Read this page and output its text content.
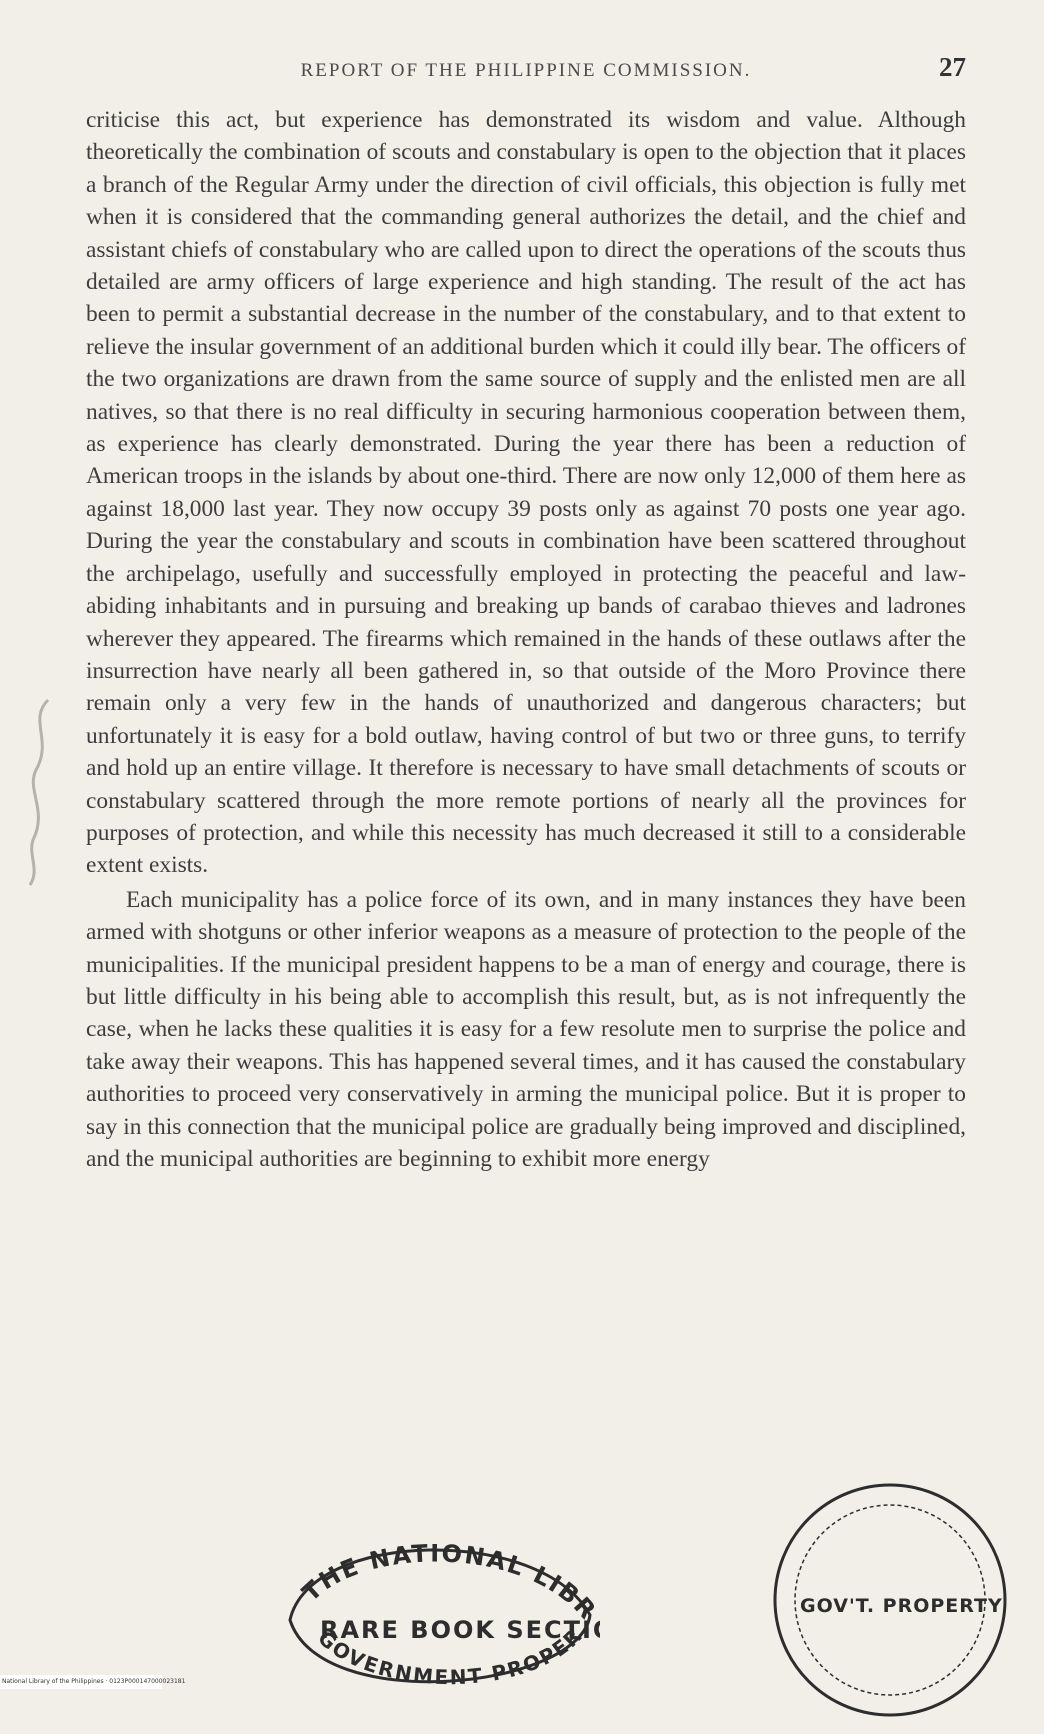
REPORT OF THE PHILIPPINE COMMISSION.	27

criticise this act, but experience has demonstrated its wisdom and value. Although theoretically the combination of scouts and constabulary is open to the objection that it places a branch of the Regular Army under the direction of civil officials, this objection is fully met when it is considered that the commanding general authorizes the detail, and the chief and assistant chiefs of constabulary who are called upon to direct the operations of the scouts thus detailed are army officers of large experience and high standing. The result of the act has been to permit a substantial decrease in the number of the constabulary, and to that extent to relieve the insular government of an additional burden which it could illy bear. The officers of the two organizations are drawn from the same source of supply and the enlisted men are all natives, so that there is no real difficulty in securing harmonious cooperation between them, as experience has clearly demonstrated. During the year there has been a reduction of American troops in the islands by about one-third. There are now only 12,000 of them here as against 18,000 last year. They now occupy 39 posts only as against 70 posts one year ago. During the year the constabulary and scouts in combination have been scattered throughout the archipelago, usefully and successfully employed in protecting the peaceful and law-abiding inhabitants and in pursuing and breaking up bands of carabao thieves and ladrones wherever they appeared. The firearms which remained in the hands of these outlaws after the insurrection have nearly all been gathered in, so that outside of the Moro Province there remain only a very few in the hands of unauthorized and dangerous characters; but unfortunately it is easy for a bold outlaw, having control of but two or three guns, to terrify and hold up an entire village. It therefore is necessary to have small detachments of scouts or constabulary scattered through the more remote portions of nearly all the provinces for purposes of protection, and while this necessity has much decreased it still to a considerable extent exists.

Each municipality has a police force of its own, and in many instances they have been armed with shotguns or other inferior weapons as a measure of protection to the people of the municipalities. If the municipal president happens to be a man of energy and courage, there is but little difficulty in his being able to accomplish this result, but, as is not infrequently the case, when he lacks these qualities it is easy for a few resolute men to surprise the police and take away their weapons. This has happened several times, and it has caused the constabulary authorities to proceed very conservatively in arming the municipal police. But it is proper to say in this connection that the municipal police are gradually being improved and disciplined, and the municipal authorities are beginning to exhibit more energy

THE NATIONAL LIBR
RARE BOOK SECTI
GOVERNMENT PROPER
GOV'T. PROPERTY
National Library of the Philippines · 0123P000147000023181
